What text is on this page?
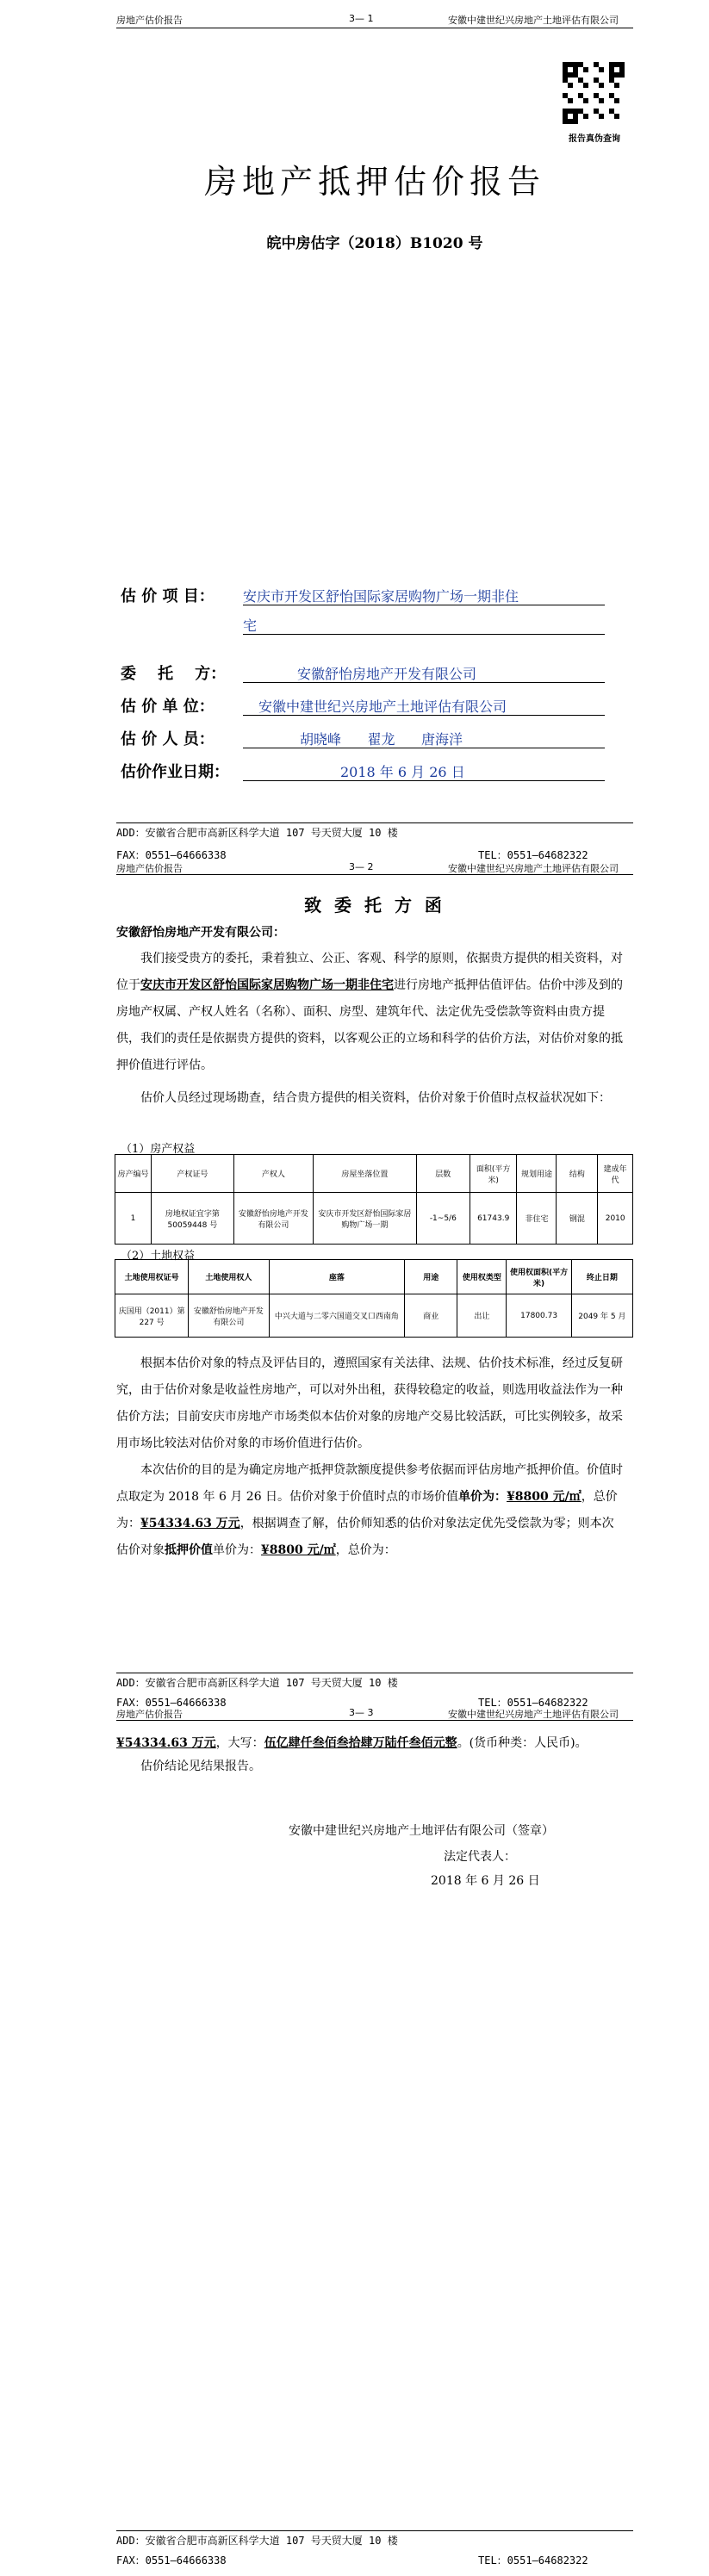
房地产估价报告	3— 1	安徽中建世纪兴房地产土地评估有限公司
报告真伪查询
房地产抵押估价报告
皖中房估字（2018）B1020 号
估 价 项 目： 安庆市开发区舒怡国际家居购物广场一期非住
宅
委    托    方：	安徽舒怡房地产开发有限公司
估 价 单 位：	安徽中建世纪兴房地产土地评估有限公司
估 价 人 员：	胡晓峰      翟龙      唐海洋
估价作业日期：	2018 年 6 月 26 日
ADD：安徽省合肥市高新区科学大道 107 号天贸大厦 10 楼
FAX：0551—64666338	TEL：0551—64682322
房地产估价报告	3— 2	安徽中建世纪兴房地产土地评估有限公司
致 委 托 方 函
安徽舒怡房地产开发有限公司：
我们接受贵方的委托，秉着独立、公正、客观、科学的原则，依据贵方提供的相关资料，对位于安庆市开发区舒怡国际家居购物广场一期非住宅进行房地产抵押估值评估。估价中涉及到的房地产权属、产权人姓名（名称）、面积、房型、建筑年代、法定优先受偿款等资料由贵方提供，我们的责任是依据贵方提供的资料，以客观公正的立场和科学的估价方法，对估价对象的抵押价值进行评估。
估价人员经过现场勘查，结合贵方提供的相关资料，估价对象于价值时点权益状况如下：
（1）房产权益
房产编号	产权证号	产权人	房屋坐落位置	层数	面积(平方米)	规划用途	结构	建成年代
1	房地权证宜字第50059448 号	安徽舒怡房地产开发有限公司	安庆市开发区舒怡国际家居购物广场一期	-1~5/6	61743.9	非住宅	钢混	2010
（2）土地权益
土地使用权证号	土地使用权人	座落	用途	使用权类型	使用权面积(平方米)	终止日期
庆国用（2011）第 227 号	安徽舒怡房地产开发有限公司	中兴大道与二零六国道交叉口西南角	商业	出让	17800.73	2049 年 5 月
根据本估价对象的特点及评估目的，遵照国家有关法律、法规、估价技术标准，经过反复研究，由于估价对象是收益性房地产，可以对外出租，获得较稳定的收益，则选用收益法作为一种估价方法；目前安庆市房地产市场类似本估价对象的房地产交易比较活跃，可比实例较多，故采用市场比较法对估价对象的市场价值进行估价。
本次估价的目的是为确定房地产抵押贷款额度提供参考依据而评估房地产抵押价值。价值时点取定为 2018 年 6 月 26 日。估价对象于价值时点的市场价值单价为：¥8800 元/㎡，总价为：¥54334.63 万元，根据调查了解，估价师知悉的估价对象法定优先受偿款为零；则本次估价对象抵押价值单价为：¥8800 元/㎡，总价为：
ADD：安徽省合肥市高新区科学大道 107 号天贸大厦 10 楼
FAX：0551—64666338	TEL：0551—64682322
房地产估价报告	3— 3	安徽中建世纪兴房地产土地评估有限公司
¥54334.63 万元，大写：伍亿肆仟叁佰叁拾肆万陆仟叁佰元整。(货币种类：人民币)。
估价结论见结果报告。
安徽中建世纪兴房地产土地评估有限公司（签章）
法定代表人：
2018 年 6 月 26 日
ADD：安徽省合肥市高新区科学大道 107 号天贸大厦 10 楼
FAX：0551—64666338	TEL：0551—64682322
